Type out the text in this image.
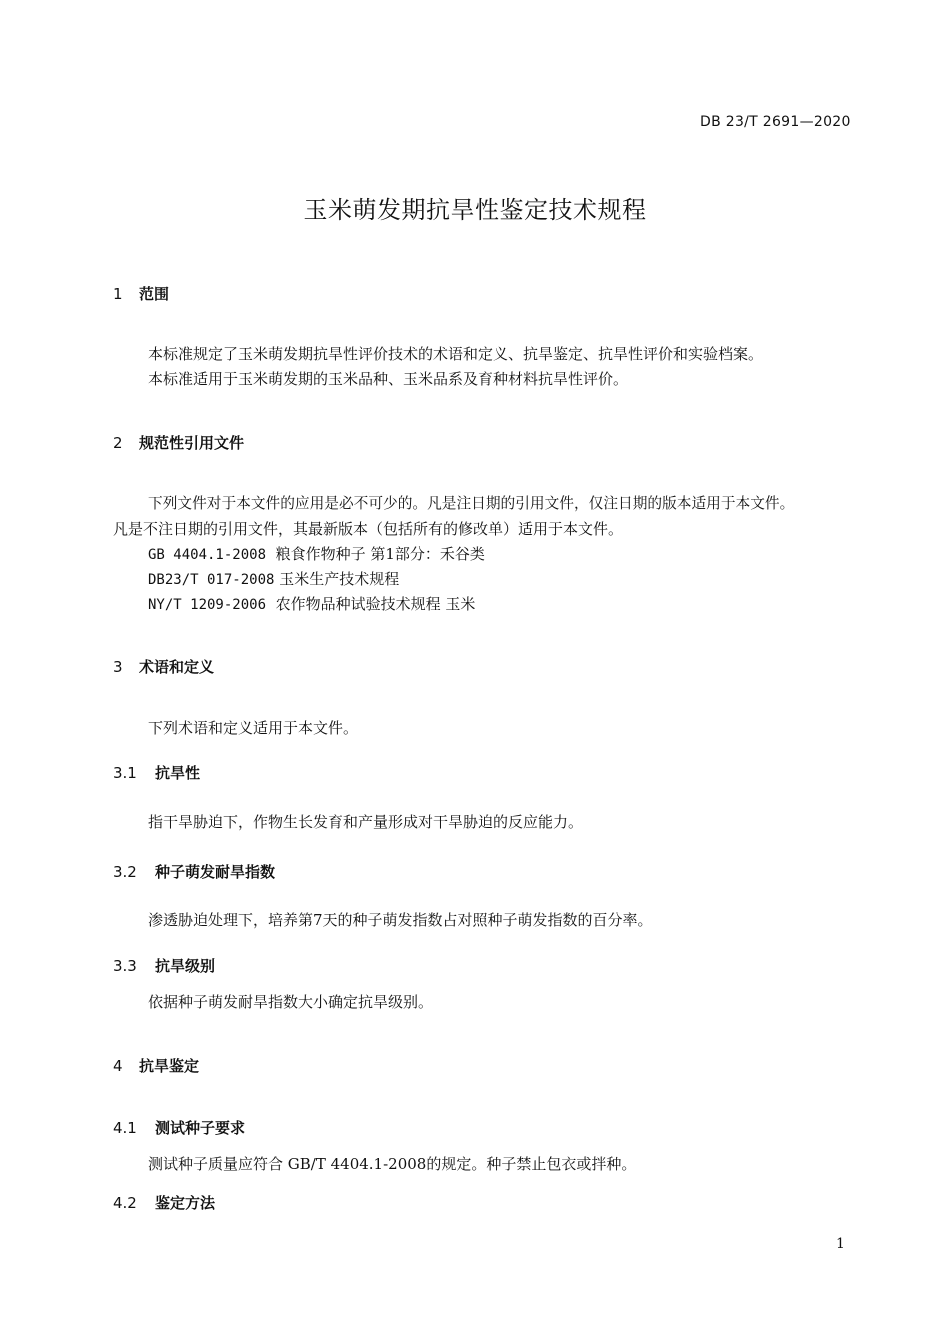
DB 23/T 2691—2020
玉米萌发期抗旱性鉴定技术规程
1 范围
本标准规定了玉米萌发期抗旱性评价技术的术语和定义、抗旱鉴定、抗旱性评价和实验档案。
本标准适用于玉米萌发期的玉米品种、玉米品系及育种材料抗旱性评价。
2 规范性引用文件
下列文件对于本文件的应用是必不可少的。凡是注日期的引用文件，仅注日期的版本适用于本文件。
凡是不注日期的引用文件，其最新版本（包括所有的修改单）适用于本文件。
GB 4404.1-2008 粮食作物种子 第1部分：禾谷类
DB23/T 017-2008 玉米生产技术规程
NY/T 1209-2006 农作物品种试验技术规程 玉米
3 术语和定义
下列术语和定义适用于本文件。
3.1 抗旱性
指干旱胁迫下，作物生长发育和产量形成对干旱胁迫的反应能力。
3.2 种子萌发耐旱指数
渗透胁迫处理下，培养第7天的种子萌发指数占对照种子萌发指数的百分率。
3.3 抗旱级别
依据种子萌发耐旱指数大小确定抗旱级别。
4 抗旱鉴定
4.1 测试种子要求
测试种子质量应符合 GB/T 4404.1-2008的规定。种子禁止包衣或拌种。
4.2 鉴定方法
1
